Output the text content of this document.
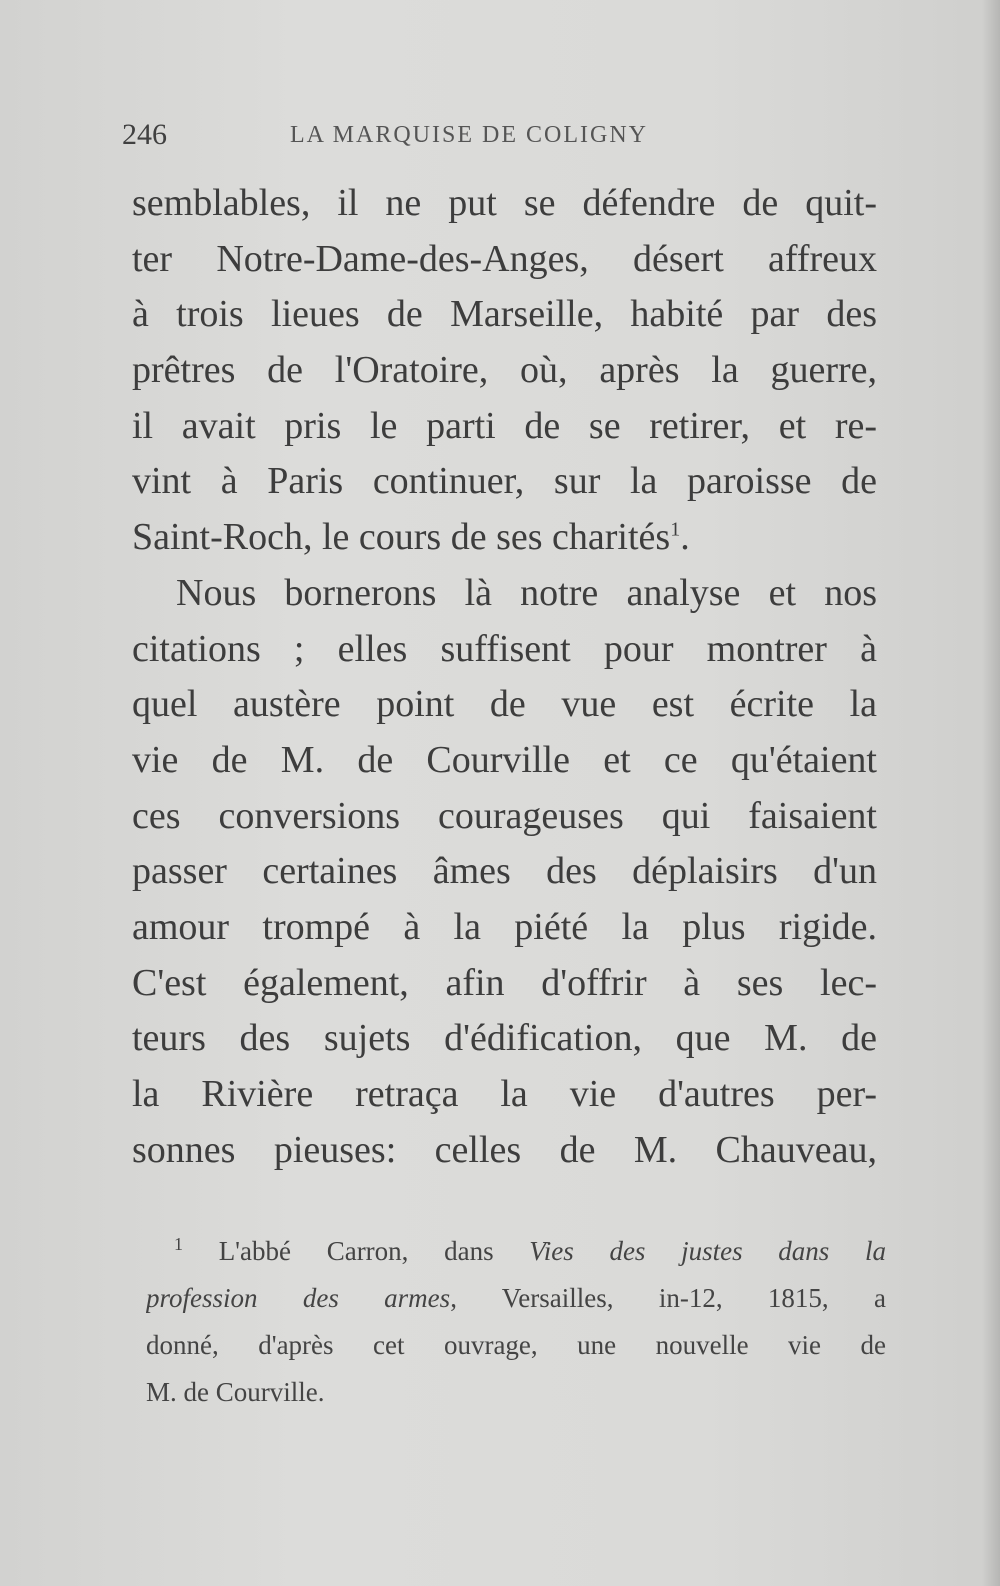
246	LA MARQUISE DE COLIGNY
semblables, il ne put se défendre de quit-
ter Notre-Dame-des-Anges, désert affreux
à trois lieues de Marseille, habité par des
prêtres de l'Oratoire, où, après la guerre,
il avait pris le parti de se retirer, et re-
vint à Paris continuer, sur la paroisse de
Saint-Roch, le cours de ses charités$^1$.
Nous bornerons là notre analyse et nos
citations ; elles suffisent pour montrer à
quel austère point de vue est écrite la
vie de M. de Courville et ce qu'étaient
ces conversions courageuses qui faisaient
passer certaines âmes des déplaisirs d'un
amour trompé à la piété la plus rigide.
C'est également, afin d'offrir à ses lec-
teurs des sujets d'édification, que M. de
la Rivière retraça la vie d'autres per-
sonnes pieuses: celles de M. Chauveau,
$^1$ L'abbé Carron, dans Vies des justes dans la
profession des armes, Versailles, in-12, 1815, a
donné, d'après cet ouvrage, une nouvelle vie de
M. de Courville.
